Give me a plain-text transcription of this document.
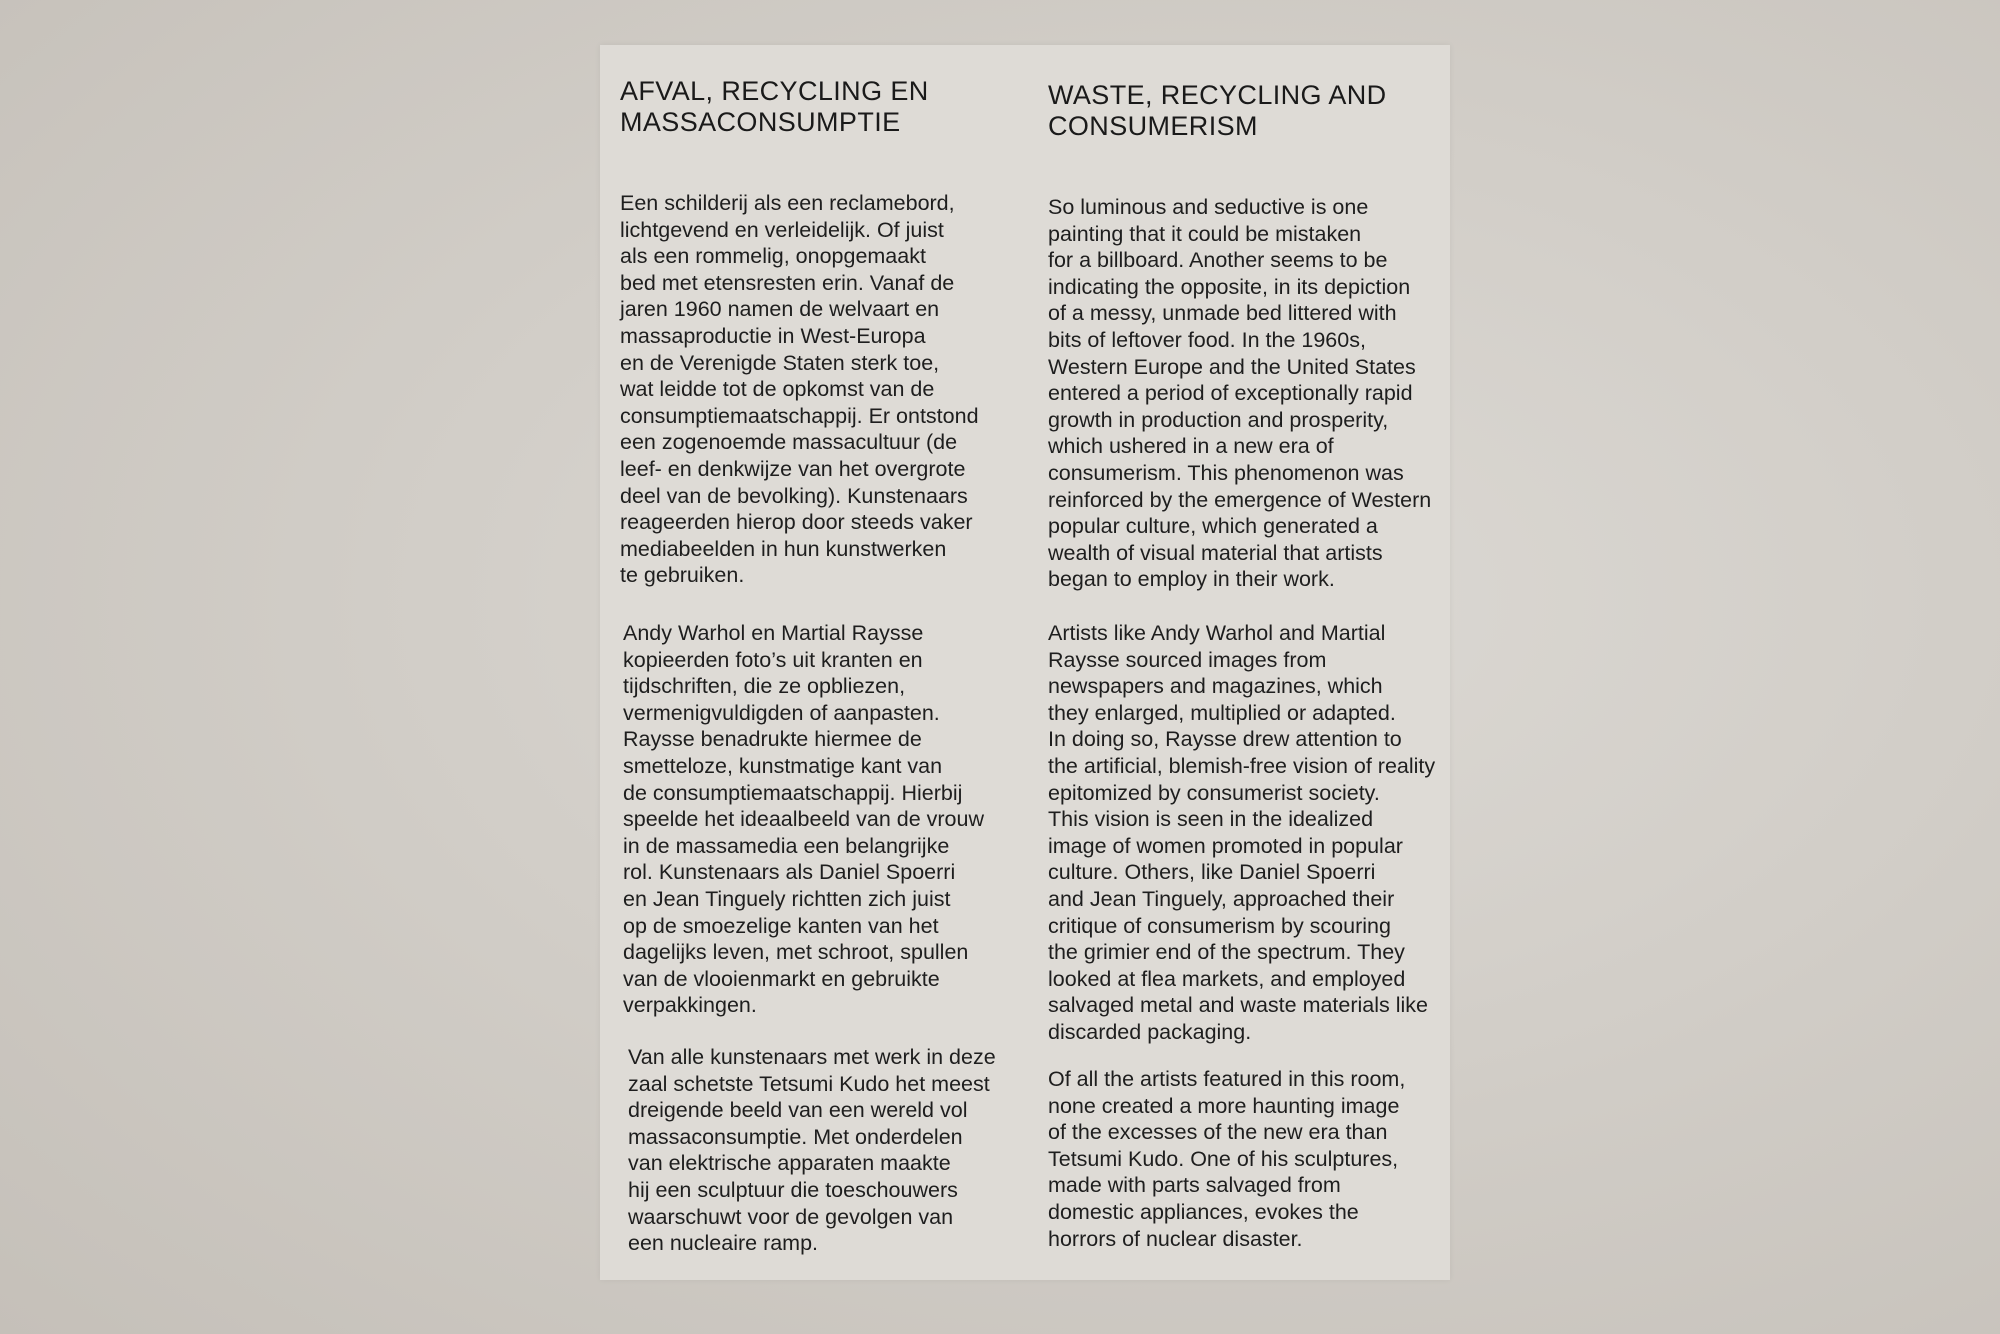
AFVAL, RECYCLING EN
MASSACONSUMPTIE

Een schilderij als een reclamebord,
lichtgevend en verleidelijk. Of juist
als een rommelig, onopgemaakt
bed met etensresten erin. Vanaf de
jaren 1960 namen de welvaart en
massaproductie in West-Europa
en de Verenigde Staten sterk toe,
wat leidde tot de opkomst van de
consumptiemaatschappij. Er ontstond
een zogenoemde massacultuur (de
leef- en denkwijze van het overgrote
deel van de bevolking). Kunstenaars
reageerden hierop door steeds vaker
mediabeelden in hun kunstwerken
te gebruiken.

Andy Warhol en Martial Raysse
kopieerden foto’s uit kranten en
tijdschriften, die ze opbliezen,
vermenigvuldigden of aanpasten.
Raysse benadrukte hiermee de
smetteloze, kunstmatige kant van
de consumptiemaatschappij. Hierbij
speelde het ideaalbeeld van de vrouw
in de massamedia een belangrijke
rol. Kunstenaars als Daniel Spoerri
en Jean Tinguely richtten zich juist
op de smoezelige kanten van het
dagelijks leven, met schroot, spullen
van de vlooienmarkt en gebruikte
verpakkingen.

Van alle kunstenaars met werk in deze
zaal schetste Tetsumi Kudo het meest
dreigende beeld van een wereld vol
massaconsumptie. Met onderdelen
van elektrische apparaten maakte
hij een sculptuur die toeschouwers
waarschuwt voor de gevolgen van
een nucleaire ramp.

WASTE, RECYCLING AND
CONSUMERISM

So luminous and seductive is one
painting that it could be mistaken
for a billboard. Another seems to be
indicating the opposite, in its depiction
of a messy, unmade bed littered with
bits of leftover food. In the 1960s,
Western Europe and the United States
entered a period of exceptionally rapid
growth in production and prosperity,
which ushered in a new era of
consumerism. This phenomenon was
reinforced by the emergence of Western
popular culture, which generated a
wealth of visual material that artists
began to employ in their work.

Artists like Andy Warhol and Martial
Raysse sourced images from
newspapers and magazines, which
they enlarged, multiplied or adapted.
In doing so, Raysse drew attention to
the artificial, blemish-free vision of reality
epitomized by consumerist society.
This vision is seen in the idealized
image of women promoted in popular
culture. Others, like Daniel Spoerri
and Jean Tinguely, approached their
critique of consumerism by scouring
the grimier end of the spectrum. They
looked at flea markets, and employed
salvaged metal and waste materials like
discarded packaging.

Of all the artists featured in this room,
none created a more haunting image
of the excesses of the new era than
Tetsumi Kudo. One of his sculptures,
made with parts salvaged from
domestic appliances, evokes the
horrors of nuclear disaster.
